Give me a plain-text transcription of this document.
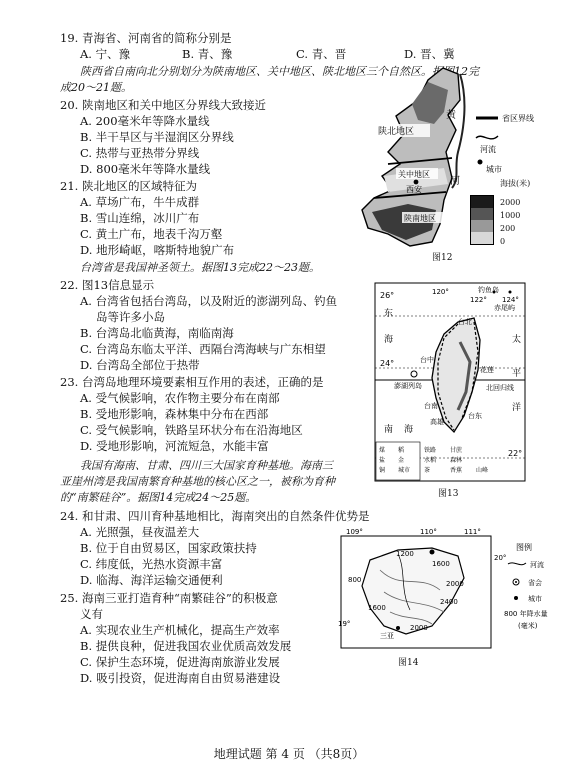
19. 青海省、河南省的简称分别是
A. 宁、豫	B. 青、豫	C. 青、晋	D. 晋、冀
陕西省自南向北分别划分为陕南地区、关中地区、陕北地区三个自然区。据图12完
成20～21题。
20. 陕南地区和关中地区分界线大致接近
A. 200毫米年等降水量线
B. 半干旱区与半湿润区分界线
C. 热带与亚热带分界线
D. 800毫米年等降水量线
21. 陕北地区的区域特征为
A. 草场广布，牛牛成群
B. 雪山连绵，冰川广布
C. 黄土广布，地表千沟万壑
D. 地形崎岖，喀斯特地貌广布
台湾省是我国神圣领土。据图13完成22～23题。
22. 图13信息显示
A. 台湾省包括台湾岛，以及附近的澎湖列岛、钓鱼
岛等许多小岛
B. 台湾岛北临黄海，南临南海
C. 台湾岛东临太平洋、西隔台湾海峡与广东相望
D. 台湾岛全部位于热带
23. 台湾岛地理环境要素相互作用的表述，正确的是
A. 受气候影响，农作物主要分布在南部
B. 受地形影响，森林集中分布在西部
C. 受气候影响，铁路呈环状分布在沿海地区
D. 受地形影响，河流短急，水能丰富
我国有海南、甘肃、四川三大国家育种基地。海南三
亚崖州湾是我国南繁育种基地的核心区之一，被称为育种
的“南繁硅谷”。据图14完成24～25题。
24. 和甘肃、四川育种基地相比，海南突出的自然条件优势是
A. 光照强，昼夜温差大
B. 位于自由贸易区，国家政策扶持
C. 纬度低，光热水资源丰富
D. 临海、海洋运输交通便利
25. 海南三亚打造育种“南繁硅谷”的积极意
义有
A. 实现农业生产机械化，提高生产效率
B. 提供良种，促进我国农业优质高效发展
C. 保护生态环境，促进海南旅游业发展
D. 吸引投资，促进海南自由贸易港建设
陕北地区
关中地区
西安
陕南地区
黄
河
省区界线
河流
城市
海拔(米)
2000
1000
200
0
图12
26°
24°
22°
120°
122° 124°
东
海	太
平
洋
南 海
台北
台中
花莲
台南
高雄
台东
澎湖列岛
钓鱼岛
赤尾屿
北回归线
煤 稻
盐 金
铜 城市
铁路
水稻 森林
甘蔗
茶	香蕉 山峰
图13
109°	110°	111°
1200
1600
2000
2400
800
1600
2000
三亚
20°
19°
图例
河流
省会
城市
800 年降水量
(毫米)
图14
地理试题 第 4 页 （共8页）
